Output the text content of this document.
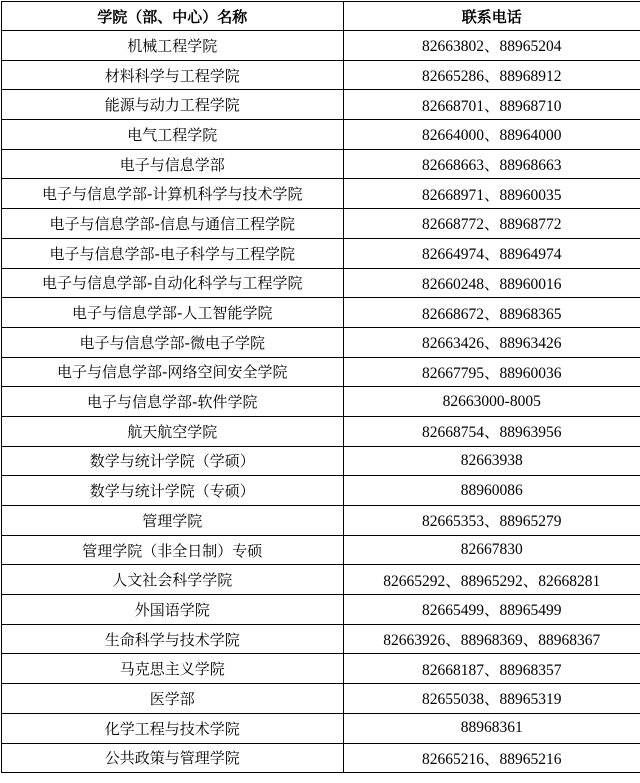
学院（部、中心）名称	联系电话
机械工程学院	82663802、88965204
材料科学与工程学院	82665286、88968912
能源与动力工程学院	82668701、88968710
电气工程学院	82664000、88964000
电子与信息学部	82668663、88968663
电子与信息学部-计算机科学与技术学院	82668971、88960035
电子与信息学部-信息与通信工程学院	82668772、88968772
电子与信息学部-电子科学与工程学院	82664974、88964974
电子与信息学部-自动化科学与工程学院	82660248、88960016
电子与信息学部-人工智能学院	82668672、88968365
电子与信息学部-微电子学院	82663426、88963426
电子与信息学部-网络空间安全学院	82667795、88960036
电子与信息学部-软件学院	82663000-8005
航天航空学院	82668754、88963956
数学与统计学院（学硕）	82663938
数学与统计学院（专硕）	88960086
管理学院	82665353、88965279
管理学院（非全日制）专硕	82667830
人文社会科学学院	82665292、88965292、82668281
外国语学院	82665499、88965499
生命科学与技术学院	82663926、88968369、88968367
马克思主义学院	82668187、88968357
医学部	82655038、88965319
化学工程与技术学院	88968361
公共政策与管理学院	82665216、88965216
